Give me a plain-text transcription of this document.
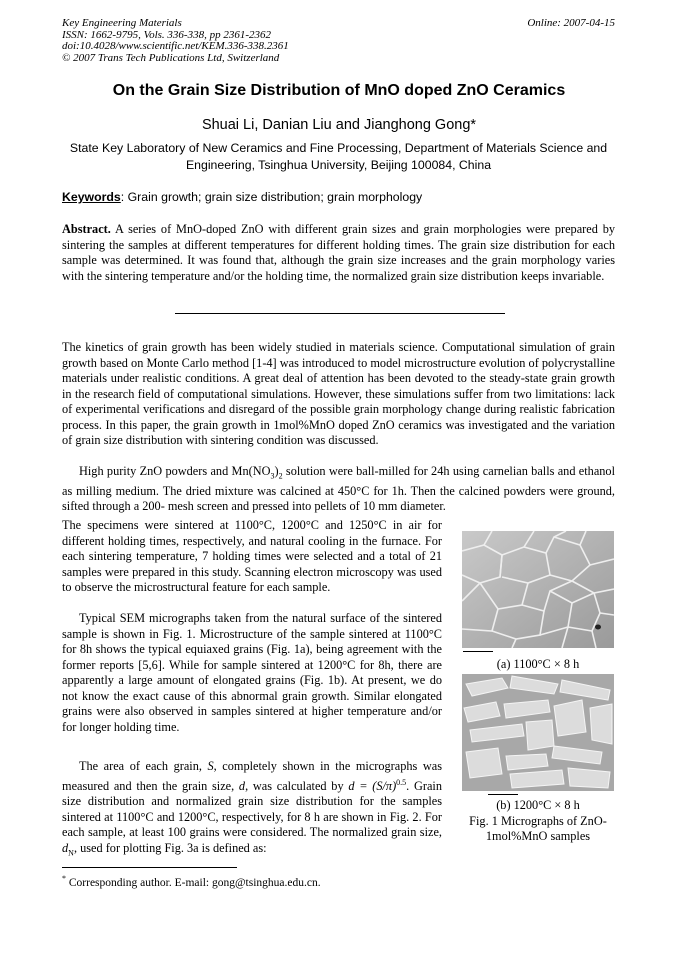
Key Engineering Materials
ISSN: 1662-9795, Vols. 336-338, pp 2361-2362
doi:10.4028/www.scientific.net/KEM.336-338.2361
© 2007 Trans Tech Publications Ltd, Switzerland
Online: 2007-04-15
On the Grain Size Distribution of MnO doped ZnO Ceramics
Shuai Li, Danian Liu and Jianghong Gong*
State Key Laboratory of New Ceramics and Fine Processing, Department of Materials Science and Engineering, Tsinghua University, Beijing 100084, China
Keywords: Grain growth; grain size distribution; grain morphology
Abstract. A series of MnO-doped ZnO with different grain sizes and grain morphologies were prepared by sintering the samples at different temperatures for different holding times. The grain size distribution for each sample was determined. It was found that, although the grain size increases and the grain morphology varies with the sintering temperature and/or the holding time, the normalized grain size distribution keeps invariable.
The kinetics of grain growth has been widely studied in materials science. Computational simulation of grain growth based on Monte Carlo method [1-4] was introduced to model microstructure evolution of polycrystalline materials under realistic conditions. A great deal of attention has been devoted to the steady-state grain growth in the research field of computational simulations. However, these simulations suffer from two limitations: lack of experimental verifications and disregard of the possible grain morphology change during realistic fabrication process. In this paper, the grain growth in 1mol%MnO doped ZnO ceramics was investigated and the variation of grain size distribution with sintering condition was discussed.
High purity ZnO powders and $Mn(NO_3)_2$ solution were ball-milled for 24h using carnelian balls and ethanol as milling medium. The dried mixture was calcined at 450°C for 1h. Then the calcined powders were ground, sifted through a 200- mesh screen and pressed into pellets of 10 mm diameter.
The specimens were sintered at 1100°C, 1200°C and 1250°C in air for different holding times, respectively, and natural cooling in the furnace. For each sintering temperature, 7 holding times were selected and a total of 21 samples were prepared in this study. Scanning electron microscopy was used to observe the microstructural feature for each sample.
Typical SEM micrographs taken from the natural surface of the sintered sample is shown in Fig. 1. Microstructure of the sample sintered at 1100°C for 8h shows the typical equiaxed grains (Fig. 1a), being agreement with the former reports [5,6]. While for sample sintered at 1200°C for 8h, there are apparently a large amount of elongated grains (Fig. 1b). At present, we do not know the exact cause of this abnormal grain growth. Similar elongated grains were also observed in samples sintered at higher temperature and/or for longer holding time.
The area of each grain, S, completely shown in the micrographs was measured and then the grain size, d, was calculated by $d = (S/\pi)^{0.5}$. Grain size distribution and normalized grain size distribution for the samples sintered at 1100°C and 1200°C, respectively, for 8 h are shown in Fig. 2. For each sample, at least 100 grains were considered. The normalized grain size, $d_N$, used for plotting Fig. 3a is defined as:
(a) 1100°C × 8 h
(b) 1200°C × 8 h
Fig. 1 Micrographs of ZnO-1mol%MnO samples
* Corresponding author. E-mail: gong@tsinghua.edu.cn.
